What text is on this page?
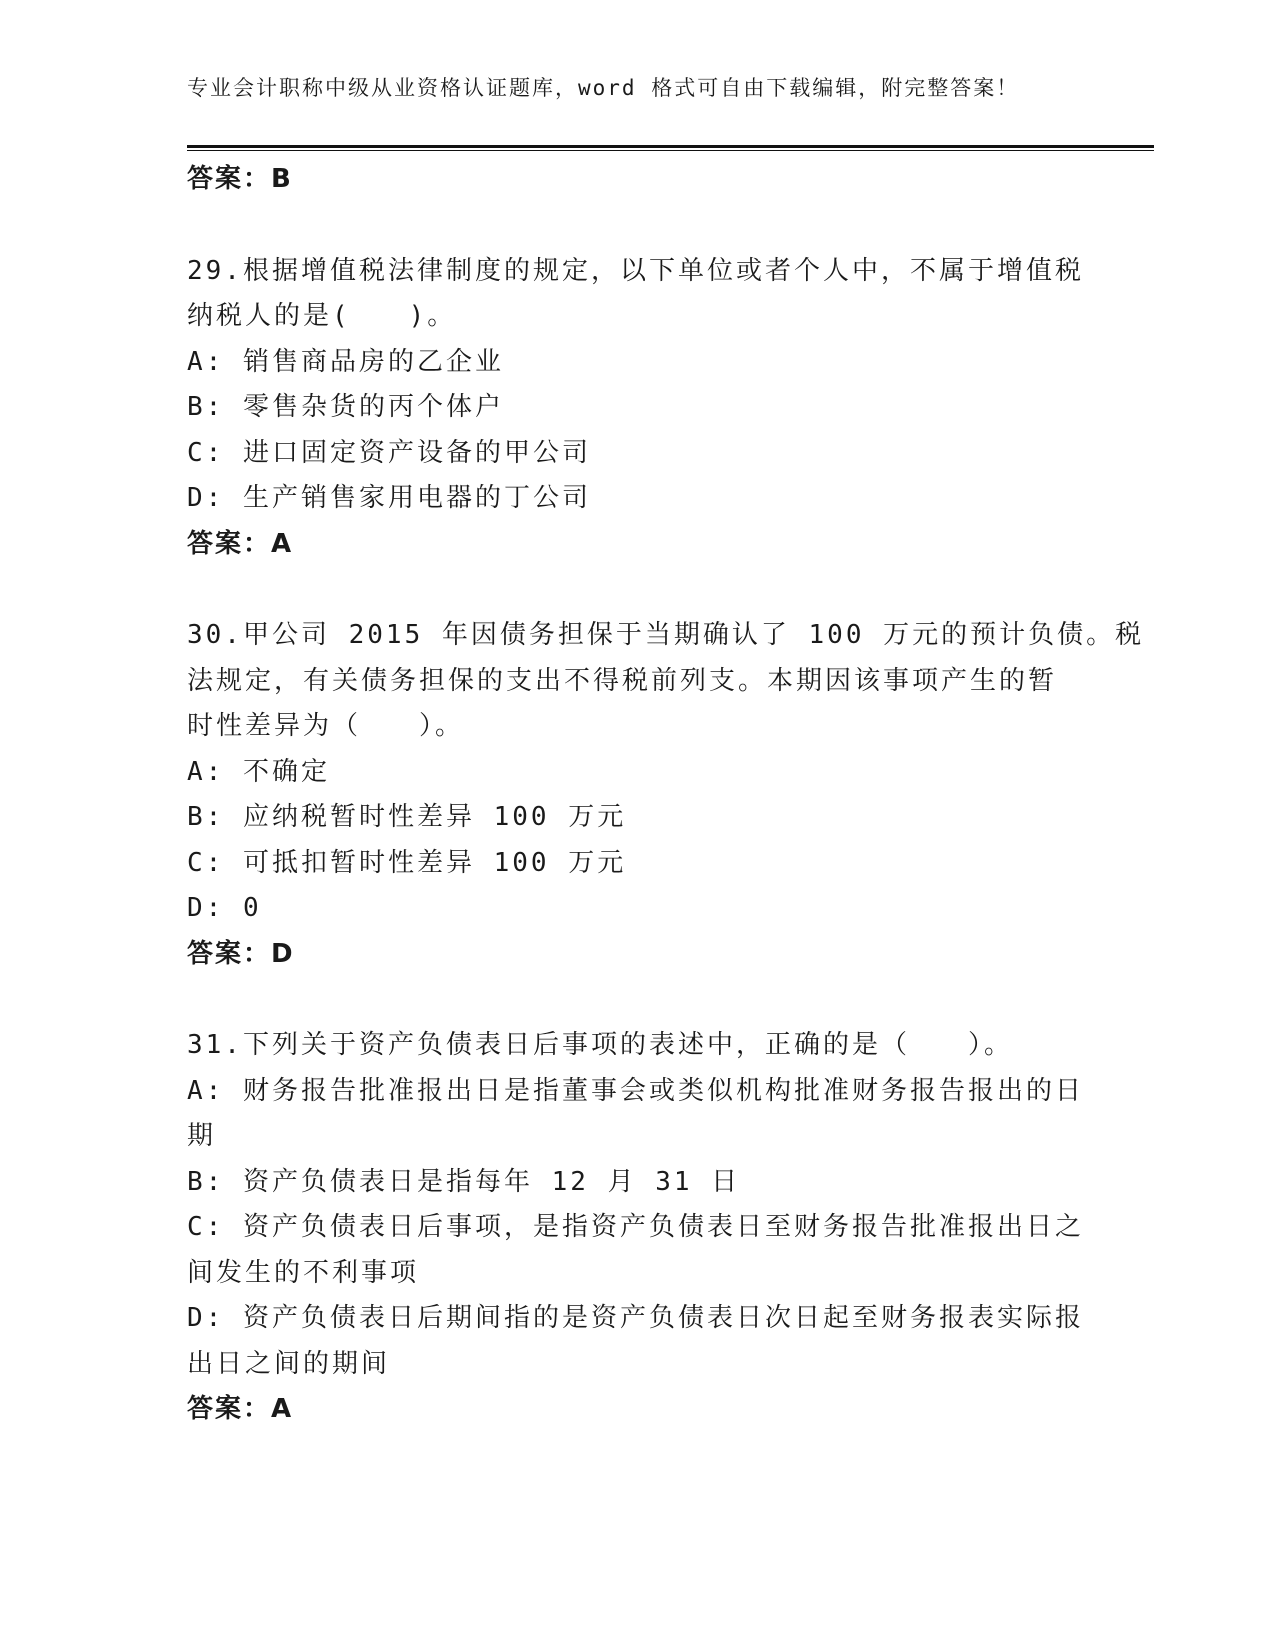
专业会计职称中级从业资格认证题库，word 格式可自由下载编辑，附完整答案！
答案：B
29.根据增值税法律制度的规定，以下单位或者个人中，不属于增值税
纳税人的是(　　)。
A: 销售商品房的乙企业
B: 零售杂货的丙个体户
C: 进口固定资产设备的甲公司
D: 生产销售家用电器的丁公司
答案：A
30.甲公司 2015 年因债务担保于当期确认了 100 万元的预计负债。税
法规定，有关债务担保的支出不得税前列支。本期因该事项产生的暂
时性差异为（　　）。
A: 不确定
B: 应纳税暂时性差异 100 万元
C: 可抵扣暂时性差异 100 万元
D: 0
答案：D
31.下列关于资产负债表日后事项的表述中，正确的是（　　）。
A: 财务报告批准报出日是指董事会或类似机构批准财务报告报出的日
期
B: 资产负债表日是指每年 12 月 31 日
C: 资产负债表日后事项，是指资产负债表日至财务报告批准报出日之
间发生的不利事项
D: 资产负债表日后期间指的是资产负债表日次日起至财务报表实际报
出日之间的期间
答案：A
